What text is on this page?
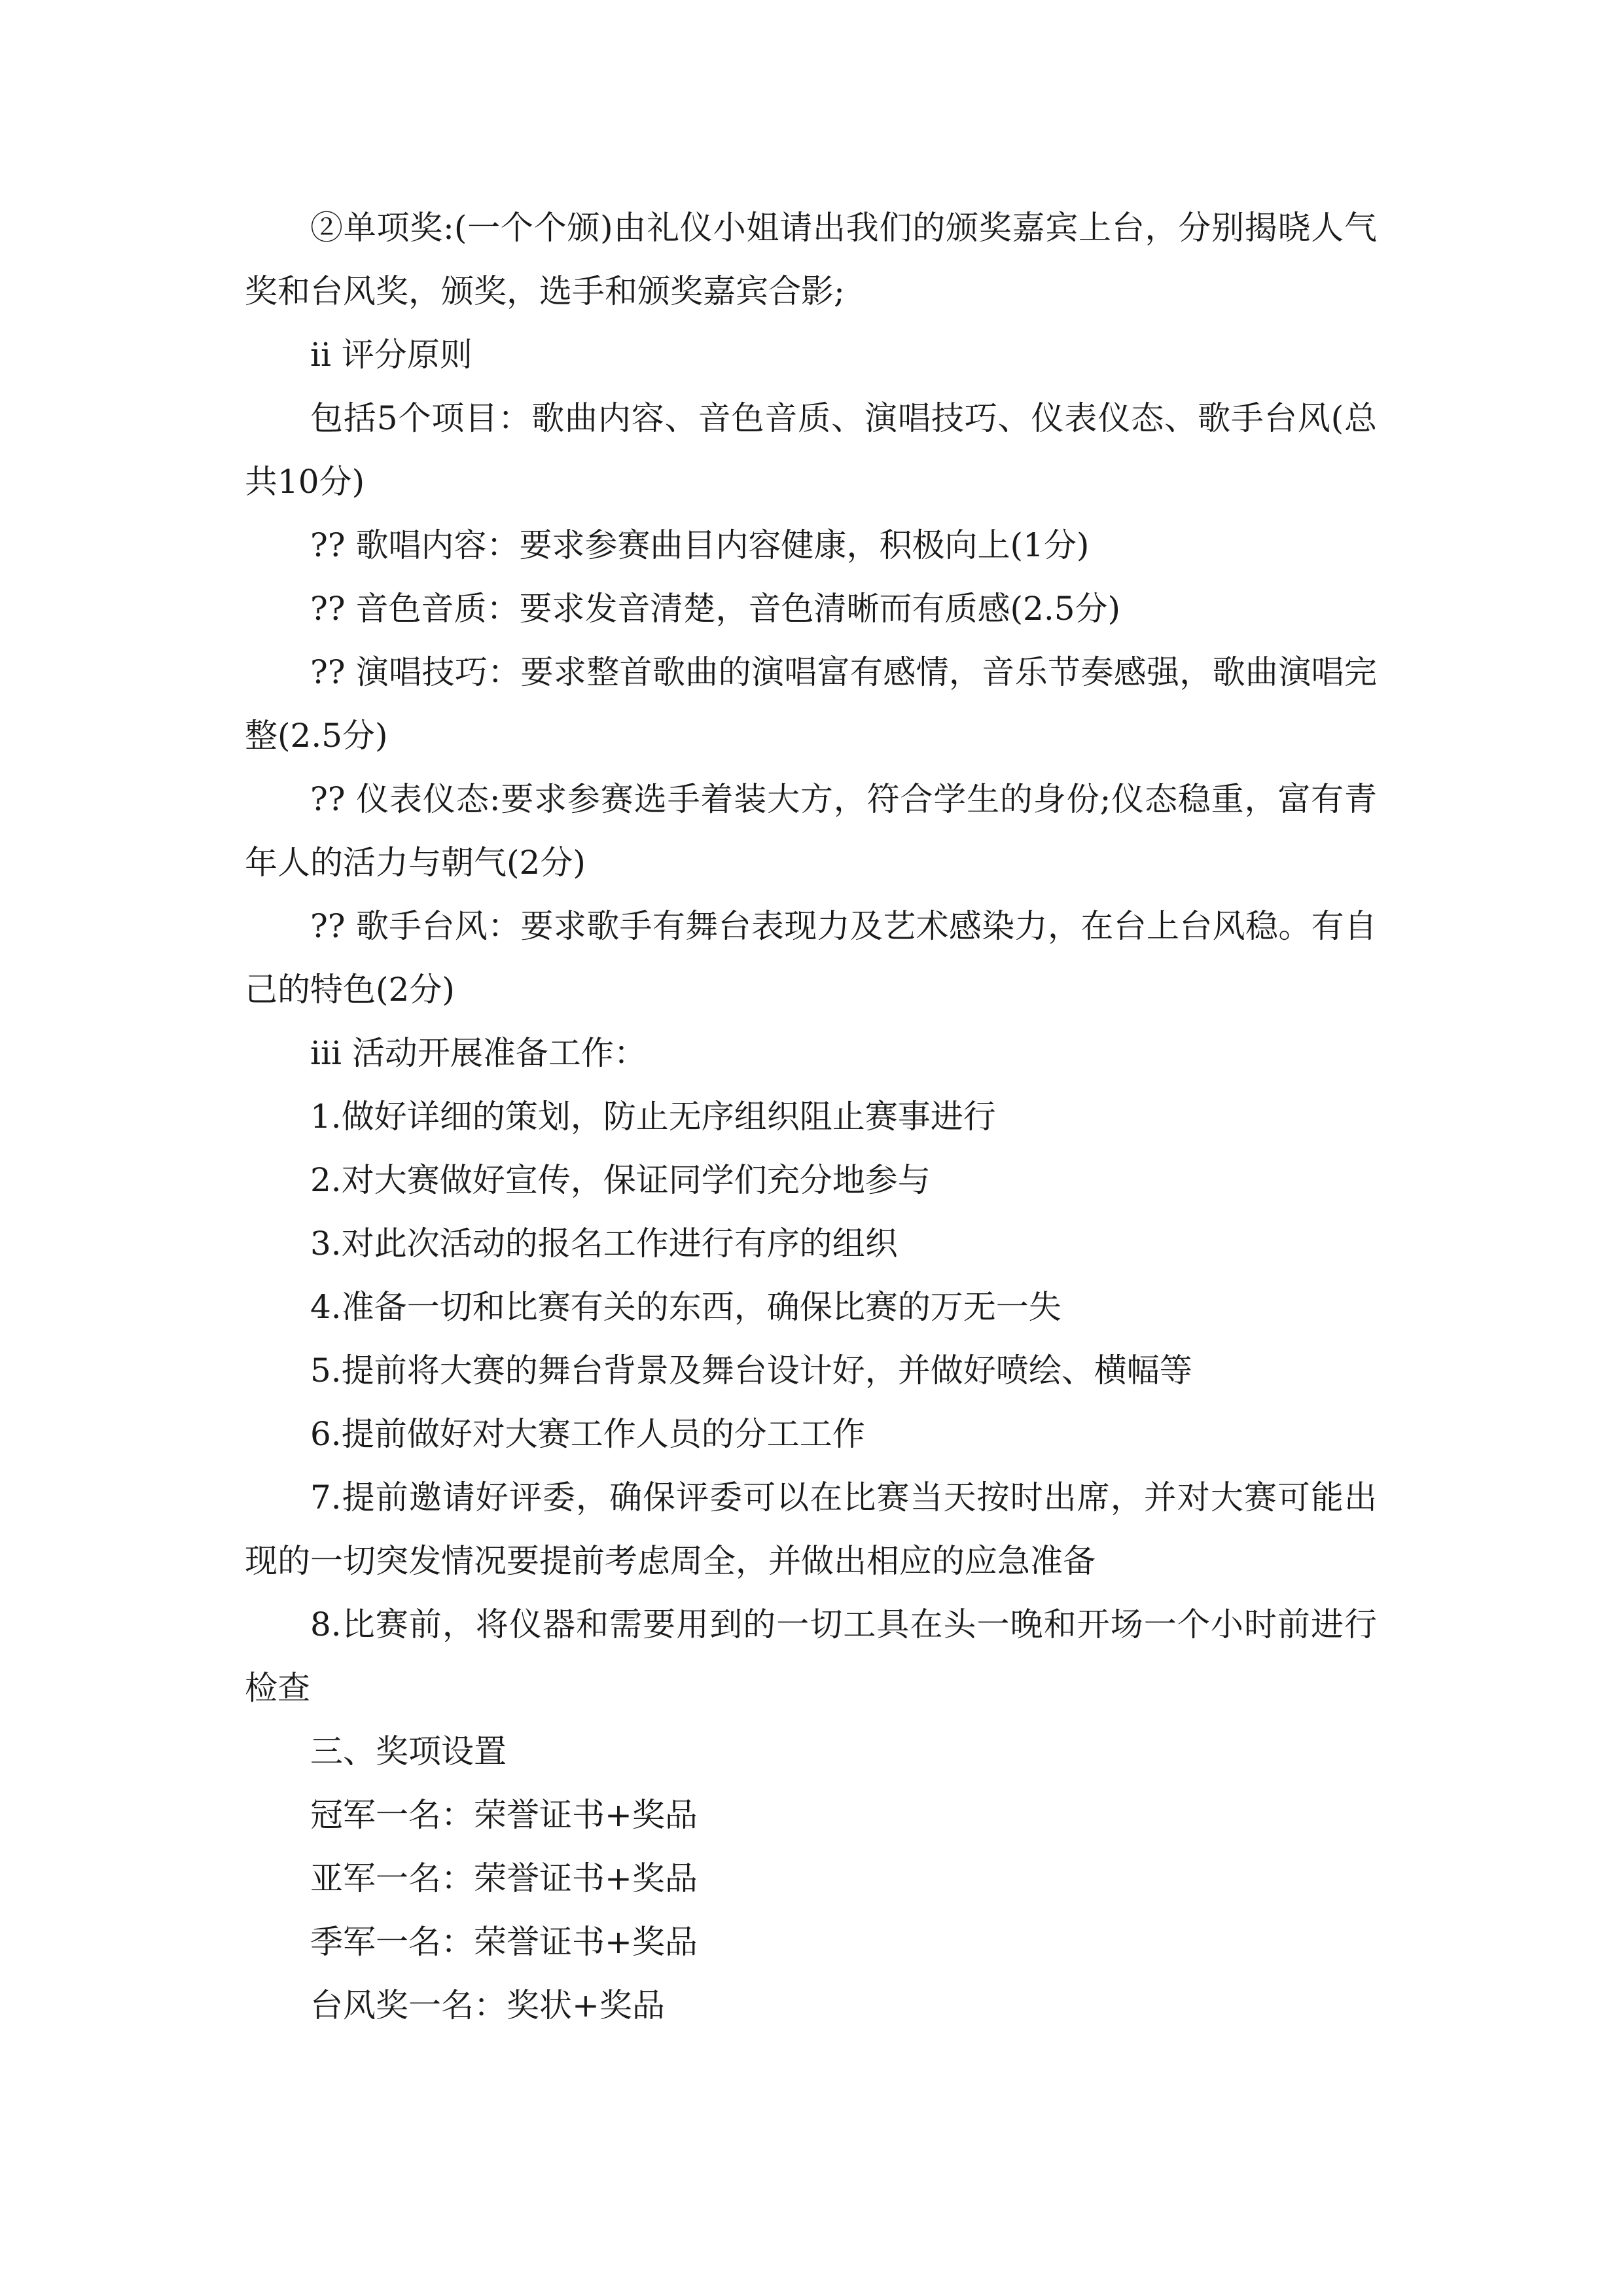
②单项奖:(一个个颁)由礼仪小姐请出我们的颁奖嘉宾上台，分别揭晓人气奖和台风奖，颁奖，选手和颁奖嘉宾合影;

ⅱ 评分原则

包括5个项目：歌曲内容、音色音质、演唱技巧、仪表仪态、歌手台风(总共10分)

?? 歌唱内容：要求参赛曲目内容健康，积极向上(1分)

?? 音色音质：要求发音清楚，音色清晰而有质感(2.5分)

?? 演唱技巧：要求整首歌曲的演唱富有感情，音乐节奏感强，歌曲演唱完整(2.5分)

?? 仪表仪态:要求参赛选手着装大方，符合学生的身份;仪态稳重，富有青年人的活力与朝气(2分)

?? 歌手台风：要求歌手有舞台表现力及艺术感染力，在台上台风稳。有自己的特色(2分)

ⅲ 活动开展准备工作：

1.做好详细的策划，防止无序组织阻止赛事进行

2.对大赛做好宣传，保证同学们充分地参与

3.对此次活动的报名工作进行有序的组织

4.准备一切和比赛有关的东西，确保比赛的万无一失

5.提前将大赛的舞台背景及舞台设计好，并做好喷绘、横幅等

6.提前做好对大赛工作人员的分工工作

7.提前邀请好评委，确保评委可以在比赛当天按时出席，并对大赛可能出现的一切突发情况要提前考虑周全，并做出相应的应急准备

8.比赛前，将仪器和需要用到的一切工具在头一晚和开场一个小时前进行检查

三、奖项设置

冠军一名：荣誉证书+奖品

亚军一名：荣誉证书+奖品

季军一名：荣誉证书+奖品

台风奖一名：奖状+奖品
